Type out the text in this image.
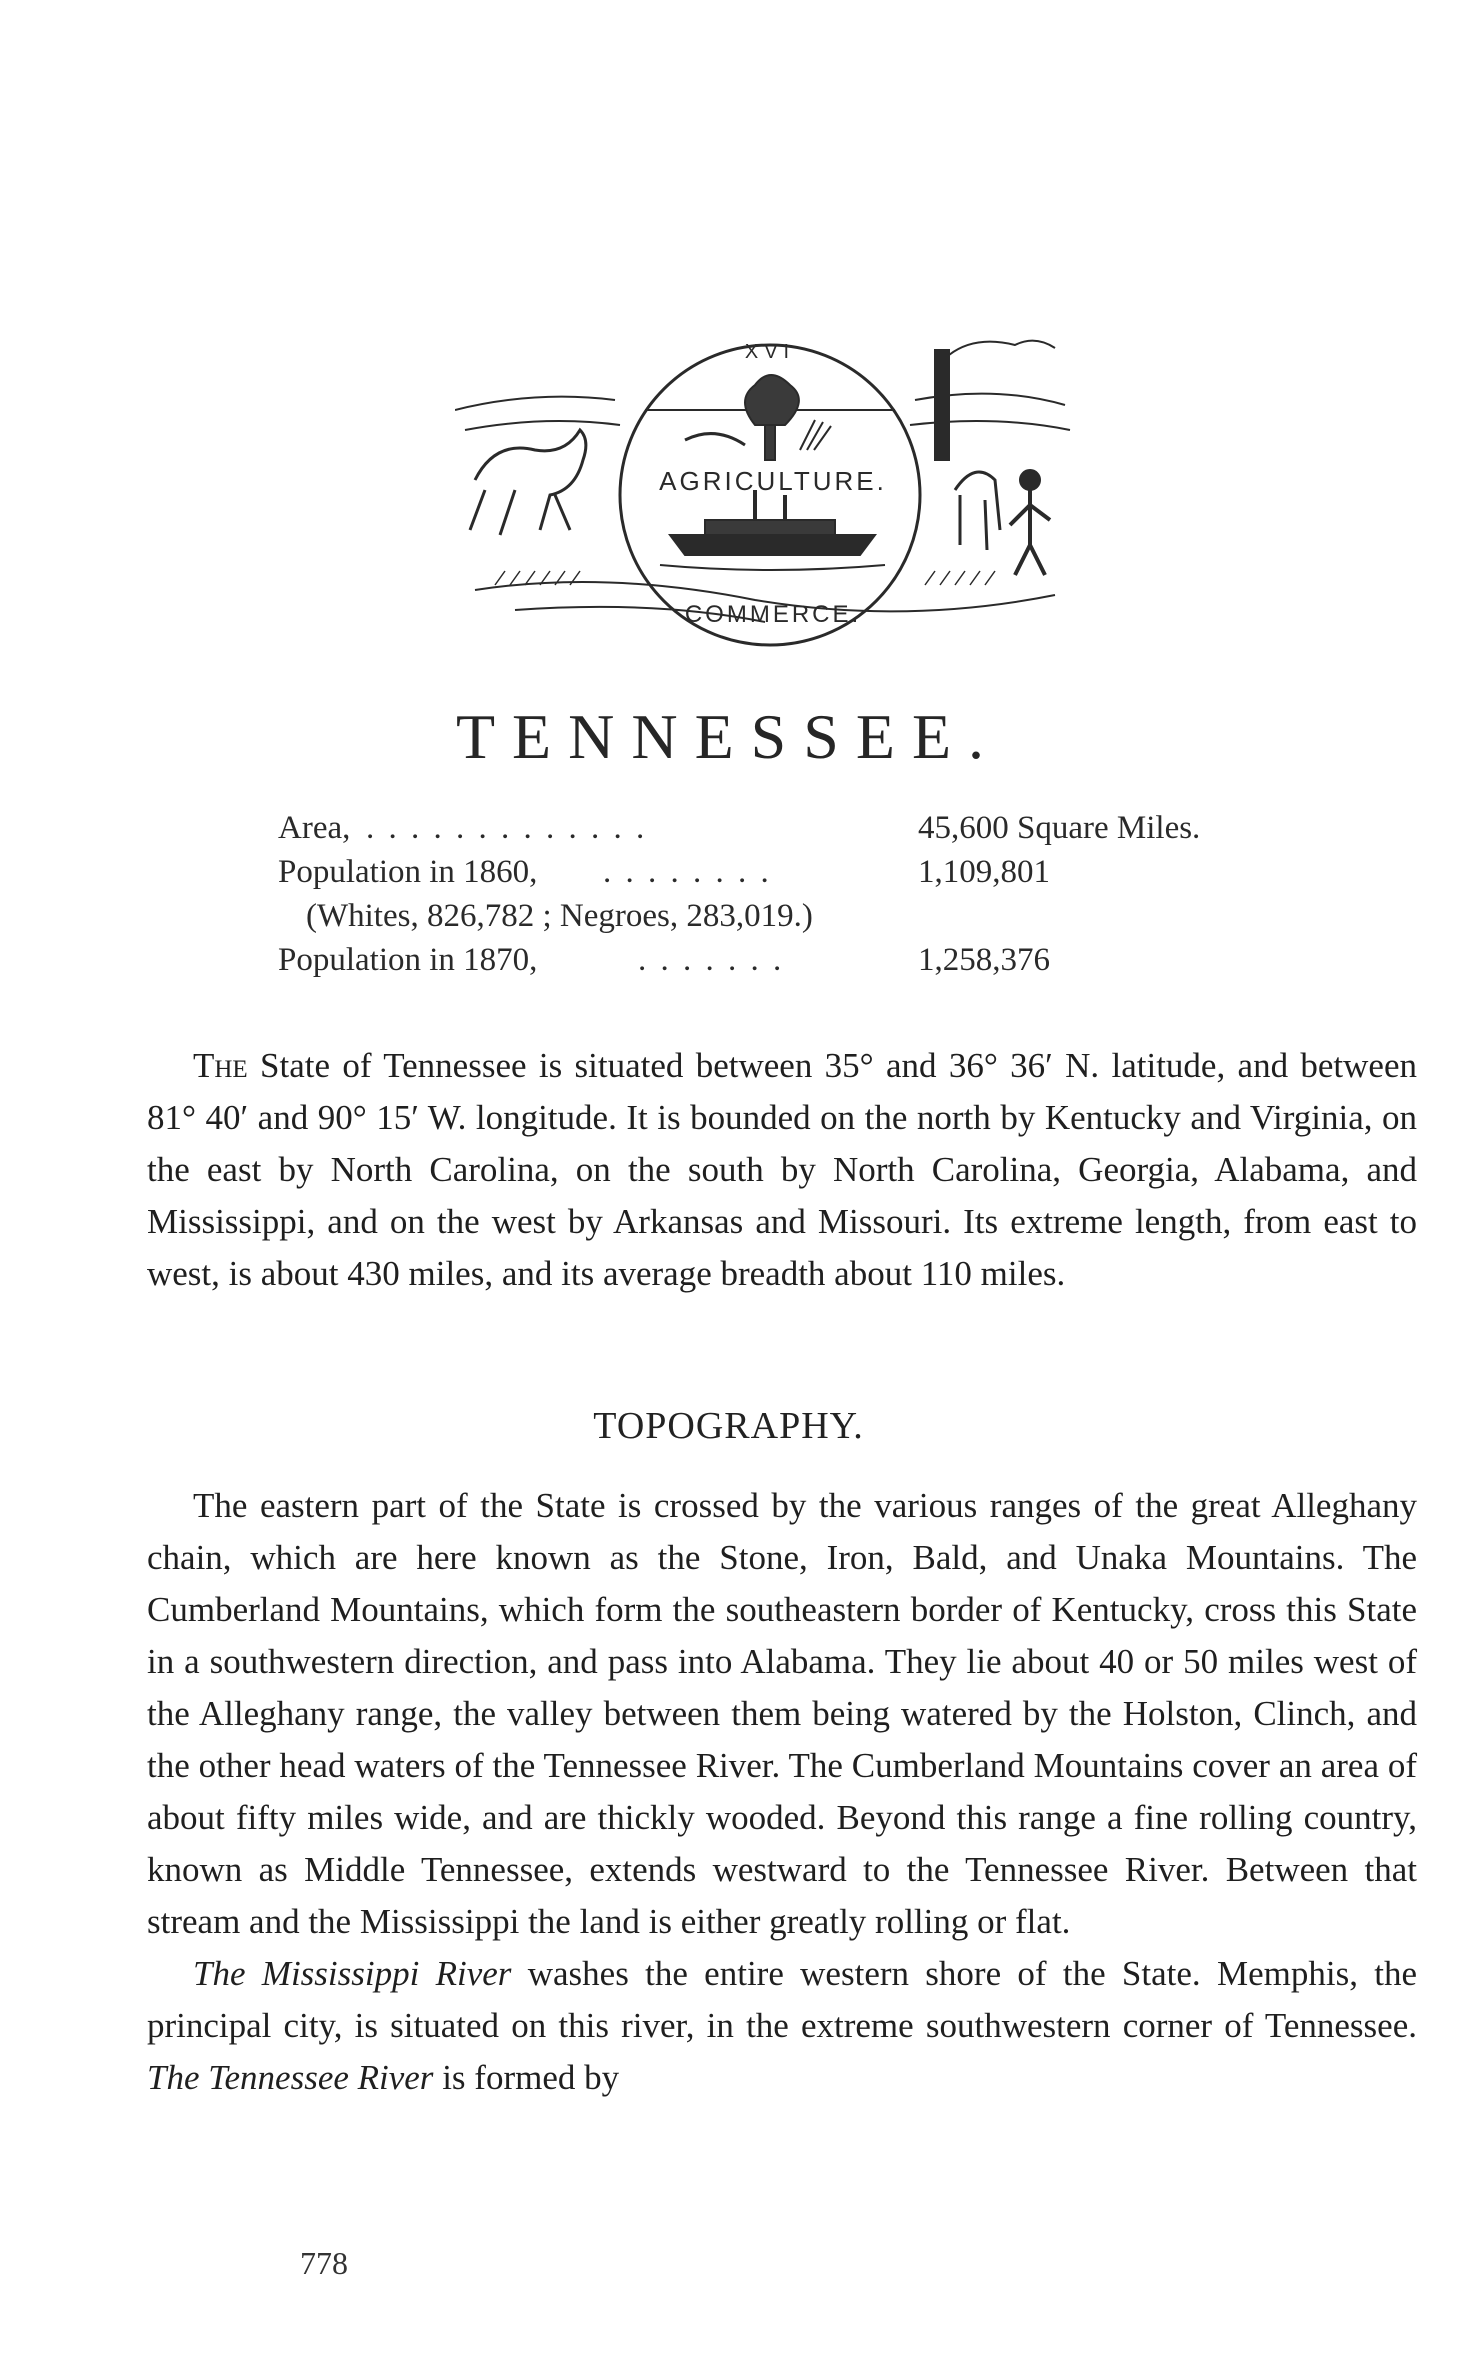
XVI
AGRICULTURE.
COMMERCE.
TENNESSEE.
Area, . . . . . . . . . . . . .	45,600 Square Miles.
Population in 1860, . . . . . . . .	1,109,801
(Whites, 826,782 ; Negroes, 283,019.)
Population in 1870,	. . . . . . .	1,258,376

The State of Tennessee is situated between 35° and 36° 36′ N. latitude, and between 81° 40′ and 90° 15′ W. longitude. It is bounded on the north by Kentucky and Virginia, on the east by North Carolina, on the south by North Carolina, Georgia, Alabama, and Mississippi, and on the west by Arkansas and Missouri. Its extreme length, from east to west, is about 430 miles, and its average breadth about 110 miles.

TOPOGRAPHY.

The eastern part of the State is crossed by the various ranges of the great Alleghany chain, which are here known as the Stone, Iron, Bald, and Unaka Mountains. The Cumberland Mountains, which form the southeastern border of Kentucky, cross this State in a southwestern direction, and pass into Alabama. They lie about 40 or 50 miles west of the Alleghany range, the valley between them being watered by the Holston, Clinch, and the other head waters of the Tennessee River. The Cumberland Mountains cover an area of about fifty miles wide, and are thickly wooded. Beyond this range a fine rolling country, known as Middle Tennessee, extends westward to the Tennessee River. Between that stream and the Mississippi the land is either greatly rolling or flat.

The Mississippi River washes the entire western shore of the State. Memphis, the principal city, is situated on this river, in the extreme southwestern corner of Tennessee. The Tennessee River is formed by

778
